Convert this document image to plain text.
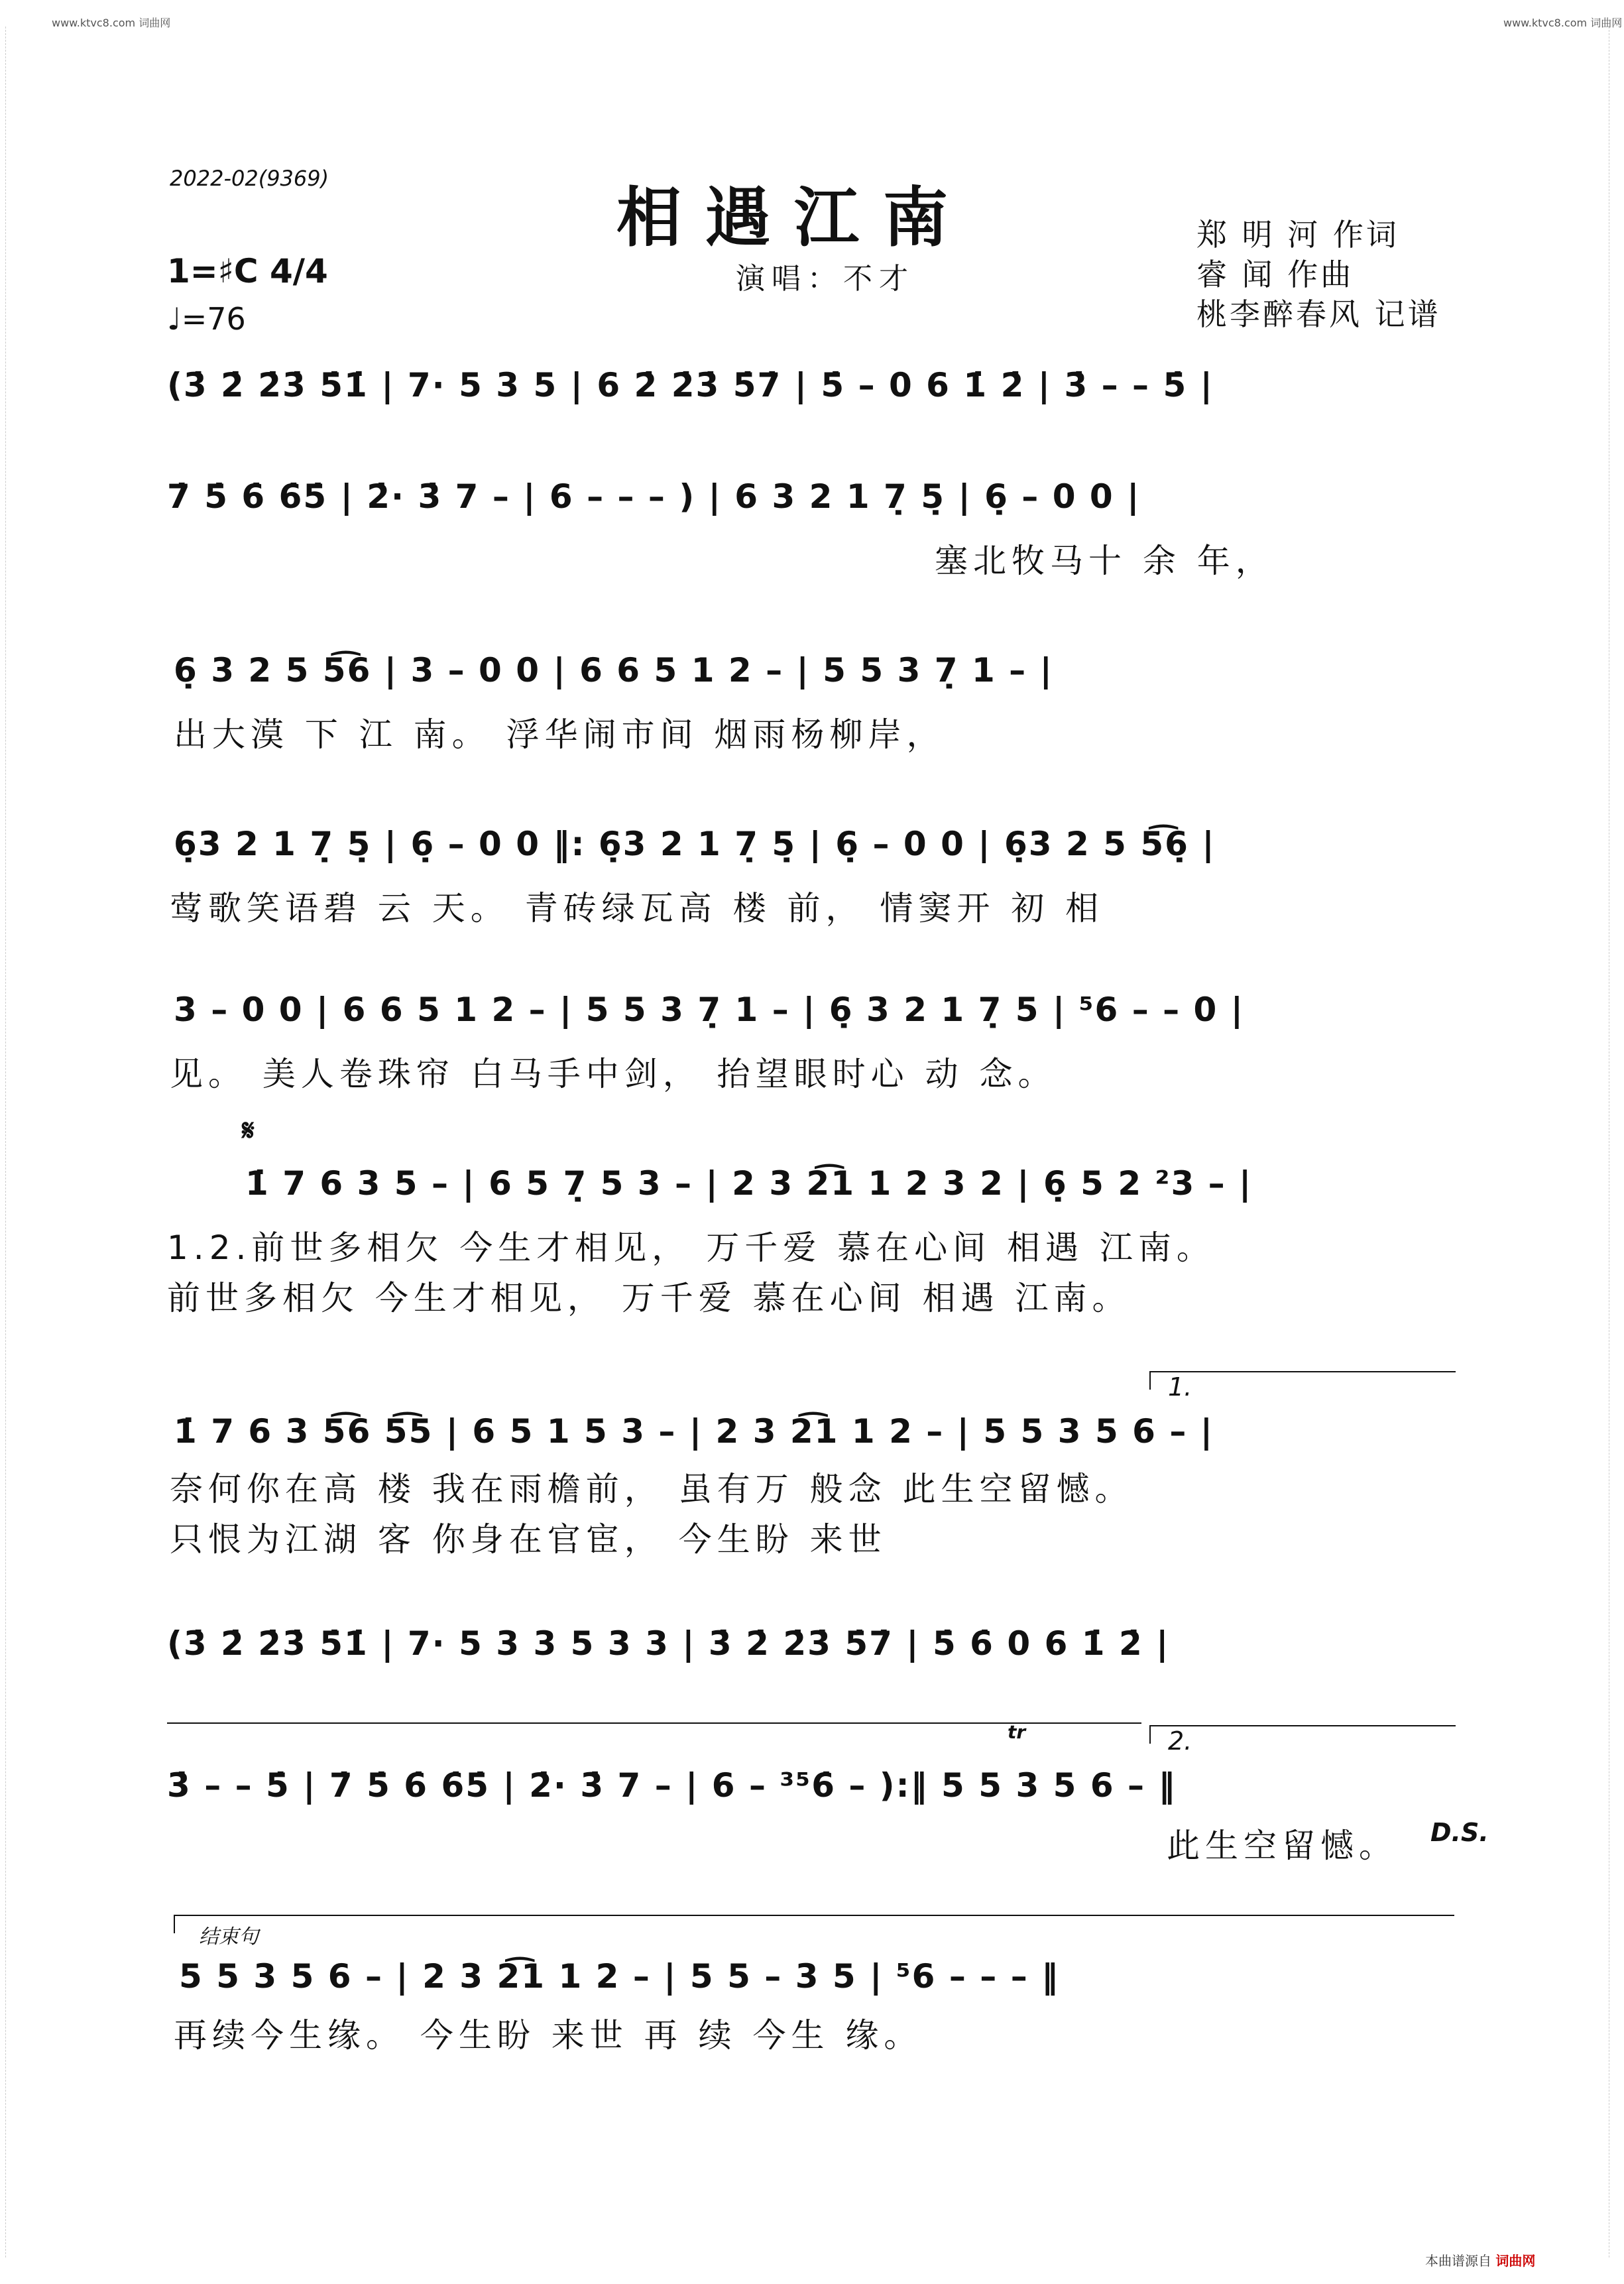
www.ktvc8.com 词曲网	www.ktvc8.com 词曲网
2022-02(9369)
相遇江南
演唱：不才
郑 明 河 作词
睿 闻 作曲
桃李醉春风 记谱
1=♯C 4/4
♩=76
(3̇ 2̇ 2̇3̇ 5̇1̇ | 7· 5 3 5 | 6 2̇ 2̇3̇ 5̇7̇ | 5̇ – 0 6 1̇ 2̇ | 3̇ – – 5̇ |
7̇ 5̇ 6̇ 6̇5̇ | 2̇· 3̇ 7 – | 6 – – – ) | 6 3 2 1 7̣ 5̣ | 6̣ – 0 0 |
塞北牧马十 余 年，
6̣ 3 2 5 5͡6 | 3 – 0 0 | 6 6 5 1 2 – | 5 5 3 7̣ 1 – |
出大漠 下 江 南。 浮华闹市间 烟雨杨柳岸，
6̣3 2 1 7̣ 5̣ | 6̣ – 0 0 ‖: 6̣3 2 1 7̣ 5̣ | 6̣ – 0 0 | 6̣3 2 5 5͡6̣ |
莺歌笑语碧 云 天。 青砖绿瓦高 楼 前， 情窦开 初 相
3 – 0 0 | 6 6 5 1 2 – | 5 5 3 7̣ 1 – | 6̣ 3 2 1 7̣ 5 | ⁵6 – – 0 |
见。 美人卷珠帘 白马手中剑， 抬望眼时心 动 念。
𝄋
1̇ 7 6 3 5 – | 6 5 7̣ 5 3 – | 2 3 2͡1 1 2 3 2 | 6̣ 5 2 ²3 – |
1.2.前世多相欠 今生才相见， 万千爱 慕在心间 相遇 江南。
前世多相欠 今生才相见， 万千爱 慕在心间 相遇 江南。
1.
1̇ 7 6 3 5͡6 5͡5 | 6 5 1 5 3 – | 2 3 2͡1 1 2 – | 5 5 3 5 6 – |
奈何你在高 楼 我在雨檐前， 虽有万 般念 此生空留憾。
只恨为江湖 客 你身在官宦， 今生盼 来世
(3̇ 2̇ 2̇3̇ 5̇1̇ | 7· 5 3 3 5 3 3 | 3̇ 2̇ 2̇3̇ 5̇7̇ | 5̇ 6̇ 0 6 1̇ 2̇ |
2.
tr
3̇ – – 5̇ | 7̇ 5̇ 6̇ 6̇5̇ | 2̇· 3̇ 7 – | 6 – ³⁵6̇ – ):‖ 5 5 3 5 6 – ‖
此生空留憾。 D.S.
结束句
5 5 3 5 6 – | 2 3 2͡1 1 2 – | 5 5 – 3 5 | ⁵6 – – – ‖
再续今生缘。 今生盼 来世 再 续 今生 缘。
本曲谱源自 词曲网
